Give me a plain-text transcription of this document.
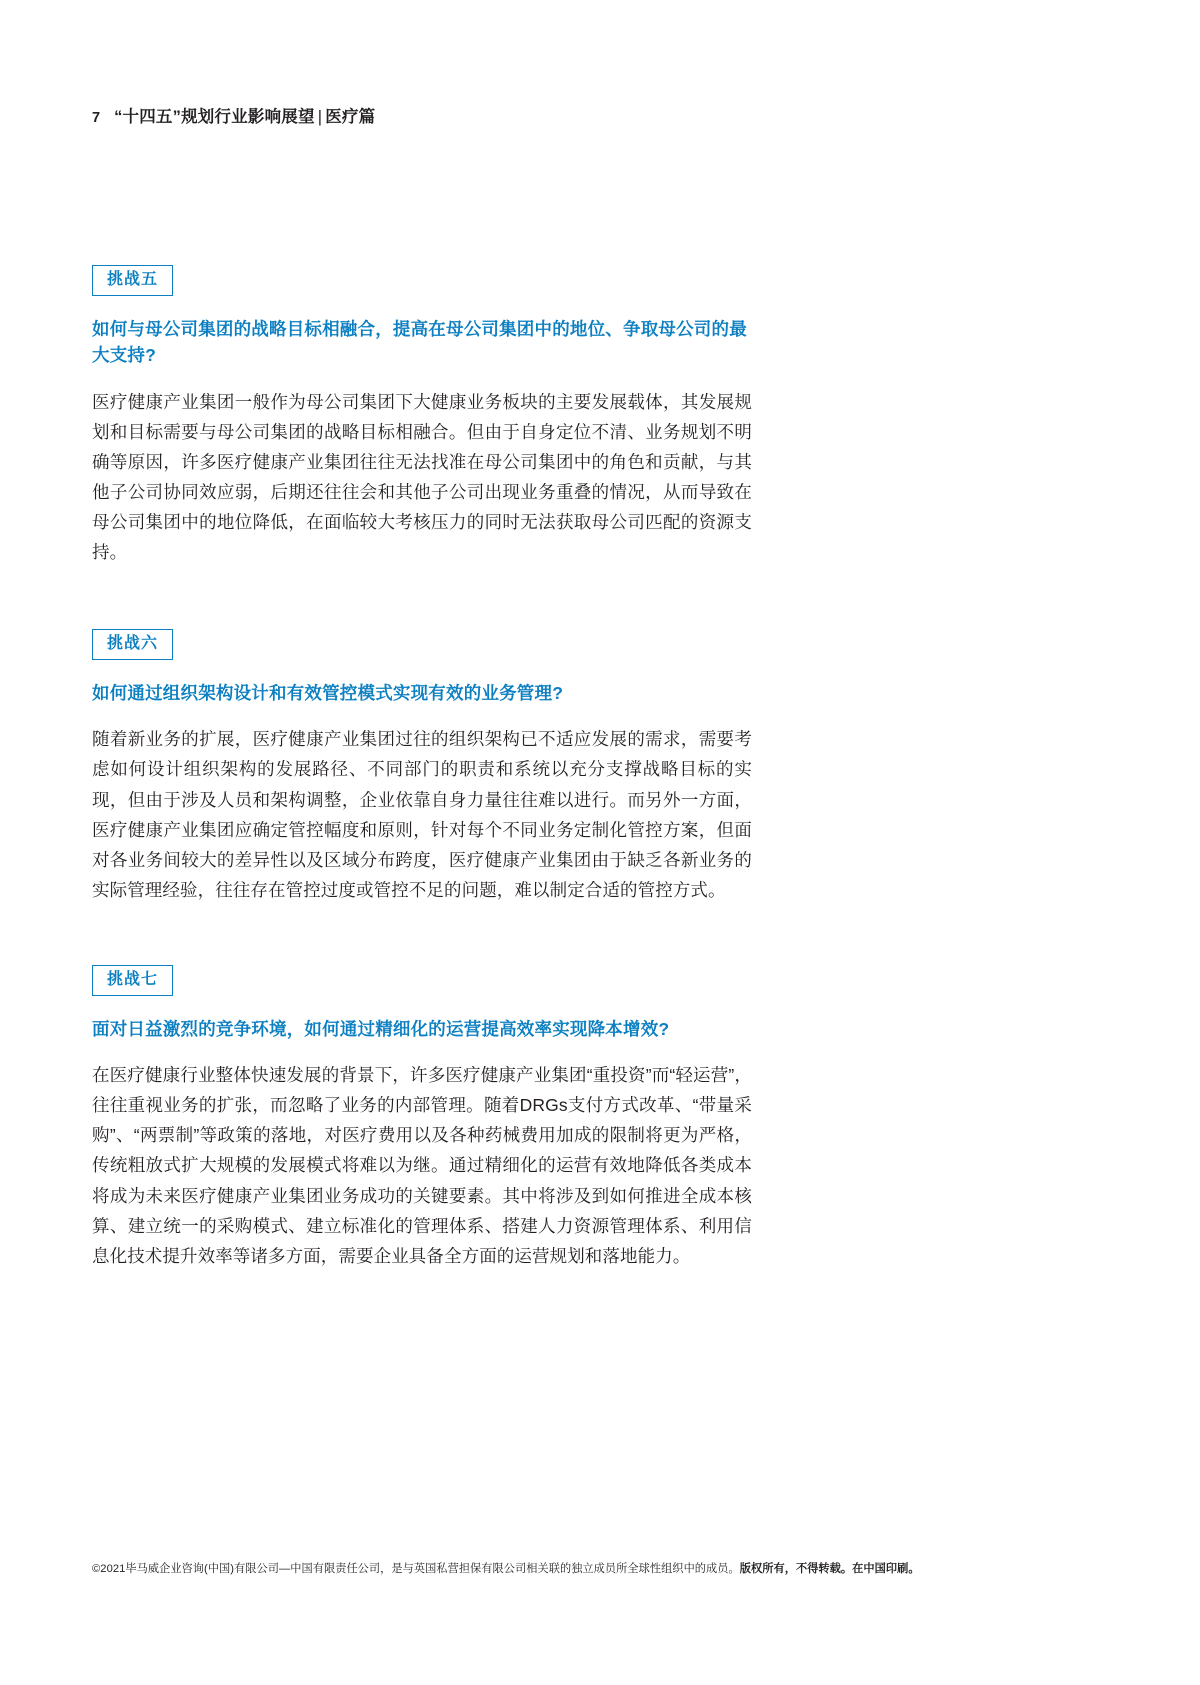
7 “十四五”规划行业影响展望 | 医疗篇
挑战五
如何与母公司集团的战略目标相融合，提高在母公司集团中的地位、争取母公司的最大支持?
医疗健康产业集团一般作为母公司集团下大健康业务板块的主要发展载体，其发展规划和目标需要与母公司集团的战略目标相融合。但由于自身定位不清、业务规划不明确等原因，许多医疗健康产业集团往往无法找准在母公司集团中的角色和贡献，与其他子公司协同效应弱，后期还往往会和其他子公司出现业务重叠的情况，从而导致在母公司集团中的地位降低，在面临较大考核压力的同时无法获取母公司匹配的资源支持。
挑战六
如何通过组织架构设计和有效管控模式实现有效的业务管理?
随着新业务的扩展，医疗健康产业集团过往的组织架构已不适应发展的需求，需要考虑如何设计组织架构的发展路径、不同部门的职责和系统以充分支撑战略目标的实现，但由于涉及人员和架构调整，企业依靠自身力量往往难以进行。而另外一方面，医疗健康产业集团应确定管控幅度和原则，针对每个不同业务定制化管控方案，但面对各业务间较大的差异性以及区域分布跨度，医疗健康产业集团由于缺乏各新业务的实际管理经验，往往存在管控过度或管控不足的问题，难以制定合适的管控方式。
挑战七
面对日益激烈的竞争环境，如何通过精细化的运营提高效率实现降本增效?
在医疗健康行业整体快速发展的背景下，许多医疗健康产业集团“重投资”而“轻运营”，往往重视业务的扩张，而忽略了业务的内部管理。随着DRGs支付方式改革、“带量采购”、“两票制”等政策的落地，对医疗费用以及各种药械费用加成的限制将更为严格，传统粗放式扩大规模的发展模式将难以为继。通过精细化的运营有效地降低各类成本将成为未来医疗健康产业集团业务成功的关键要素。其中将涉及到如何推进全成本核算、建立统一的采购模式、建立标准化的管理体系、搭建人力资源管理体系、利用信息化技术提升效率等诸多方面，需要企业具备全方面的运营规划和落地能力。
©2021毕马威企业咨询(中国)有限公司—中国有限责任公司，是与英国私营担保有限公司相关联的独立成员所全球性组织中的成员。版权所有，不得转载。在中国印刷。
